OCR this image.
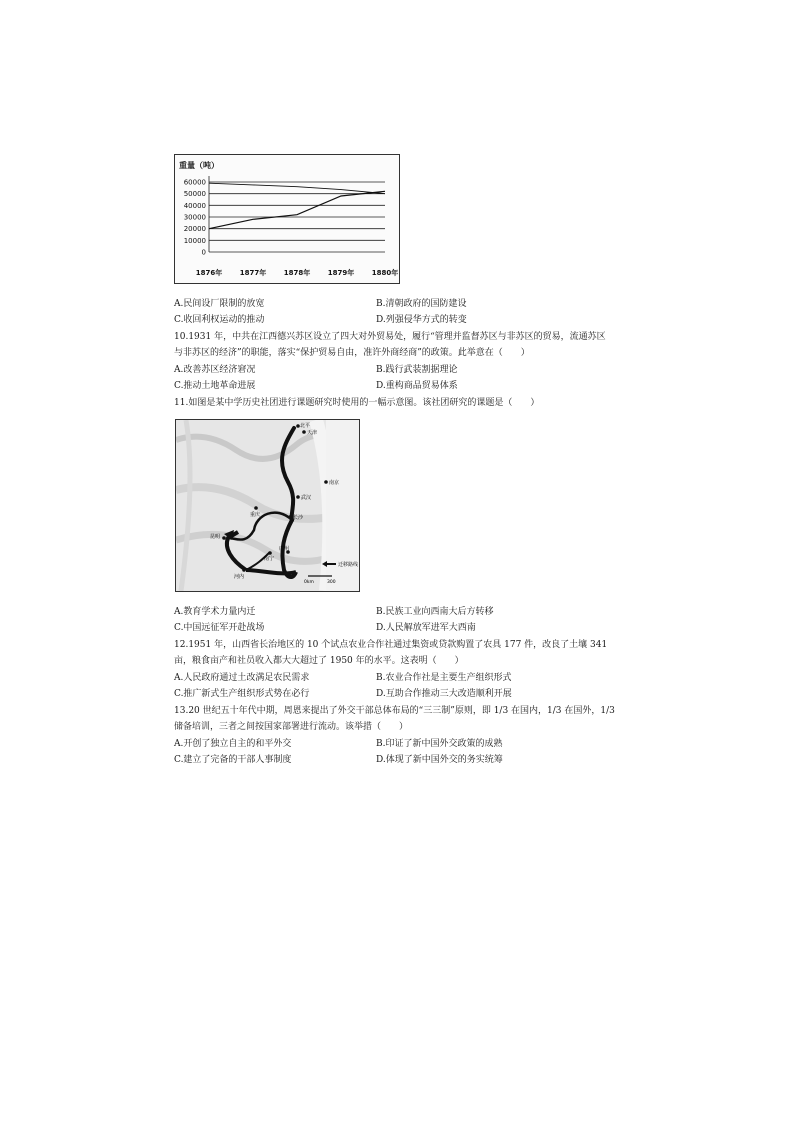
重量（吨）
60000
50000
40000
30000
20000
10000
0
1876年	1877年	1878年	1879年	1880年
A.民间设厂限制的放宽	B.清朝政府的国防建设
C.收回利权运动的推动	D.列强侵华方式的转变
10.1931 年，中共在江西德兴苏区设立了四大对外贸易处，履行“管理并监督苏区与非苏区的贸易，流通苏区
与非苏区的经济”的职能，落实“保护贸易自由，准许外商经商”的政策。此举意在（　　）
A.改善苏区经济窘况	B.践行武装割据理论
C.推动土地革命进展	D.重构商品贸易体系
11.如图是某中学历史社团进行课题研究时使用的一幅示意图。该社团研究的课题是（　　）
北平
天津
南京
武汉
重庆	长沙
昆明
广州
南宁
河内
迁移路线
0km	300
A.教育学术力量内迁	B.民族工业向西南大后方转移
C.中国远征军开赴战场	D.人民解放军进军大西南
12.1951 年，山西省长治地区的 10 个试点农业合作社通过集资或贷款购置了农具 177 件，改良了土壤 341
亩，粮食亩产和社员收入都大大超过了 1950 年的水平。这表明（　　）
A.人民政府通过土改满足农民需求	B.农业合作社是主要生产组织形式
C.推广新式生产组织形式势在必行	D.互助合作推动三大改造顺利开展
13.20 世纪五十年代中期，周恩来提出了外交干部总体布局的“三三制”原则，即 1/3 在国内，1/3 在国外，1/3
储备培训，三者之间按国家部署进行流动。该举措（　　）
A.开创了独立自主的和平外交	B.印证了新中国外交政策的成熟
C.建立了完备的干部人事制度	D.体现了新中国外交的务实统筹
